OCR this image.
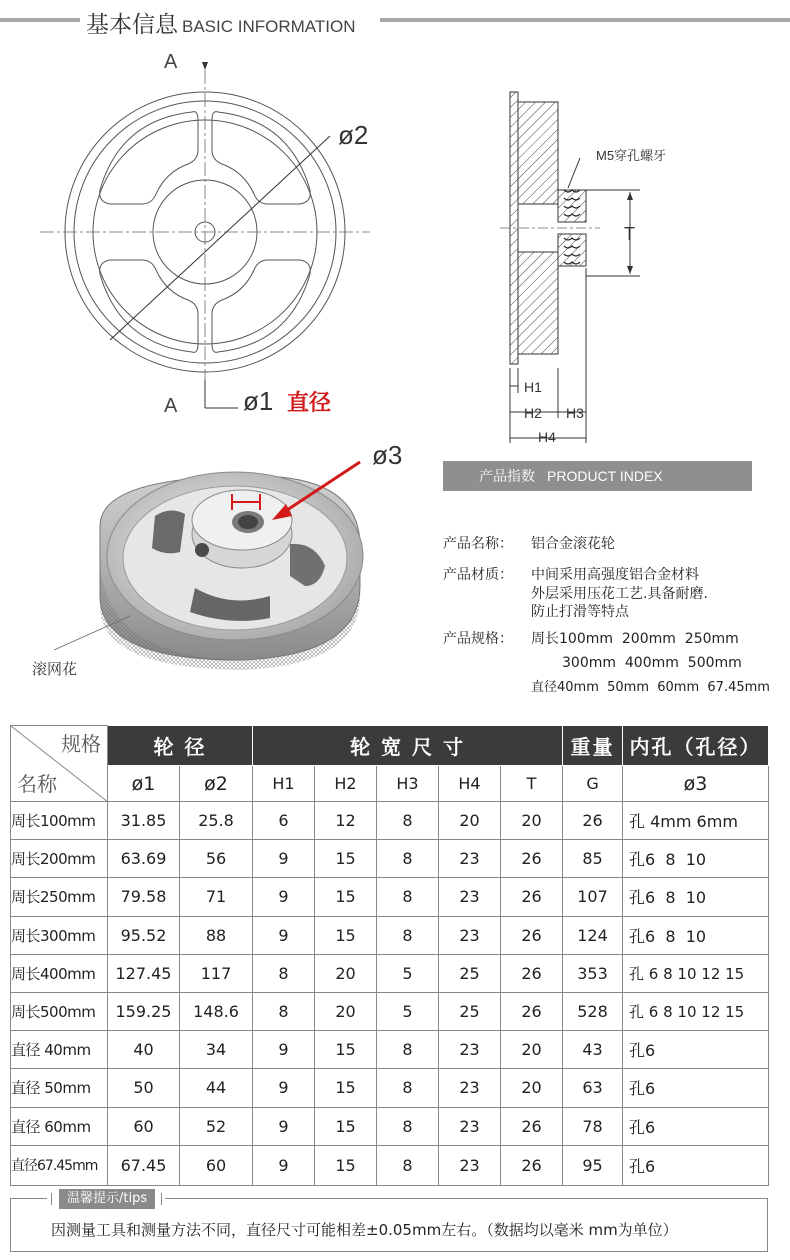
基本信息 BASIC INFORMATION
A
A
ø2
ø1 直径
M5穿孔螺牙
T
H1
H2 H3
H4
ø3
滚网花
产品指数 PRODUCT INDEX
产品名称： 铝合金滚花轮
产品材质： 中间采用高强度铝合金材料
外层采用压花工艺.具备耐磨.
防止打滑等特点
产品规格： 周长100mm  200mm  250mm
300mm  400mm  500mm
直径40mm  50mm  60mm  67.45mm
规格
名称	轮 径		轮 宽 尺 寸					重量	内孔（孔径）
	ø1	ø2	H1	H2	H3	H4	T	G	ø3
周长100mm	31.85	25.8	6	12	8	20	20	26	孔 4mm 6mm
周长200mm	63.69	56	9	15	8	23	26	85	孔6  8  10
周长250mm	79.58	71	9	15	8	23	26	107	孔6  8  10
周长300mm	95.52	88	9	15	8	23	26	124	孔6  8  10
周长400mm	127.45	117	8	20	5	25	26	353	孔 6 8 10 12 15
周长500mm	159.25	148.6	8	20	5	25	26	528	孔 6 8 10 12 15
直径 40mm	40	34	9	15	8	23	20	43	孔6
直径 50mm	50	44	9	15	8	23	20	63	孔6
直径 60mm	60	52	9	15	8	23	26	78	孔6
直径67.45mm	67.45	60	9	15	8	23	26	95	孔6
温馨提示/tips
因测量工具和测量方法不同，直径尺寸可能相差±0.05mm左右。（数据均以毫米 mm为单位）
